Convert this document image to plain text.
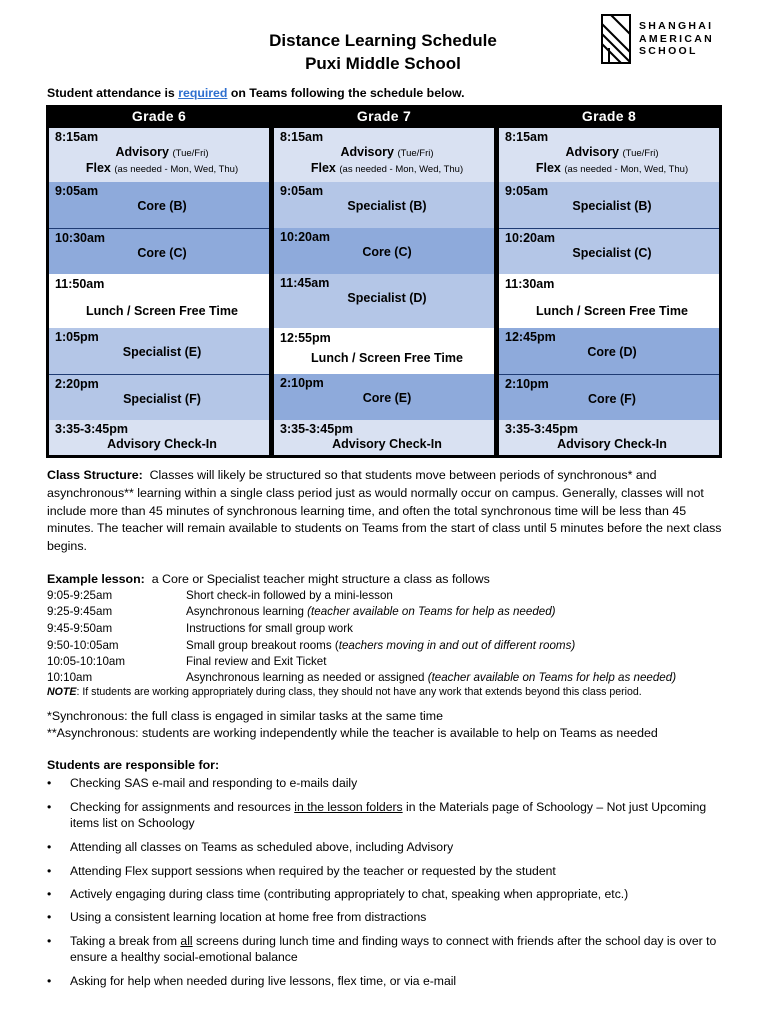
Distance Learning Schedule
Puxi Middle School
SHANGHAI
AMERICAN
SCHOOL
Student attendance is required on Teams following the schedule below.
Grade 6
8:15am
Advisory (Tue/Fri)
Flex (as needed - Mon, Wed, Thu)
9:05am
Core (B)
10:30am
Core (C)
11:50am
Lunch / Screen Free Time
1:05pm
Specialist (E)
2:20pm
Specialist (F)
3:35-3:45pm
Advisory Check-In
Grade 7
8:15am
Advisory (Tue/Fri)
Flex (as needed - Mon, Wed, Thu)
9:05am
Specialist (B)
10:20am
Core (C)
11:45am
Specialist (D)
12:55pm
Lunch / Screen Free Time
2:10pm
Core (E)
3:35-3:45pm
Advisory Check-In
Grade 8
8:15am
Advisory (Tue/Fri)
Flex (as needed - Mon, Wed, Thu)
9:05am
Specialist (B)
10:20am
Specialist (C)
11:30am
Lunch / Screen Free Time
12:45pm
Core (D)
2:10pm
Core (F)
3:35-3:45pm
Advisory Check-In
Class Structure: Classes will likely be structured so that students move between periods of synchronous* and asynchronous** learning within a single class period just as would normally occur on campus. Generally, classes will not include more than 45 minutes of synchronous learning time, and often the total synchronous time will be less than 45 minutes. The teacher will remain available to students on Teams from the start of class until 5 minutes before the next class begins.
Example lesson: a Core or Specialist teacher might structure a class as follows
9:05-9:25am	Short check-in followed by a mini-lesson
9:25-9:45am	Asynchronous learning (teacher available on Teams for help as needed)
9:45-9:50am	Instructions for small group work
9:50-10:05am	Small group breakout rooms (teachers moving in and out of different rooms)
10:05-10:10am	Final review and Exit Ticket
10:10am	Asynchronous learning as needed or assigned (teacher available on Teams for help as needed)
NOTE: If students are working appropriately during class, they should not have any work that extends beyond this class period.
*Synchronous: the full class is engaged in similar tasks at the same time
**Asynchronous: students are working independently while the teacher is available to help on Teams as needed
Students are responsible for:
• Checking SAS e-mail and responding to e-mails daily
• Checking for assignments and resources in the lesson folders in the Materials page of Schoology – Not just Upcoming items list on Schoology
• Attending all classes on Teams as scheduled above, including Advisory
• Attending Flex support sessions when required by the teacher or requested by the student
• Actively engaging during class time (contributing appropriately to chat, speaking when appropriate, etc.)
• Using a consistent learning location at home free from distractions
• Taking a break from all screens during lunch time and finding ways to connect with friends after the school day is over to ensure a healthy social-emotional balance
• Asking for help when needed during live lessons, flex time, or via e-mail
